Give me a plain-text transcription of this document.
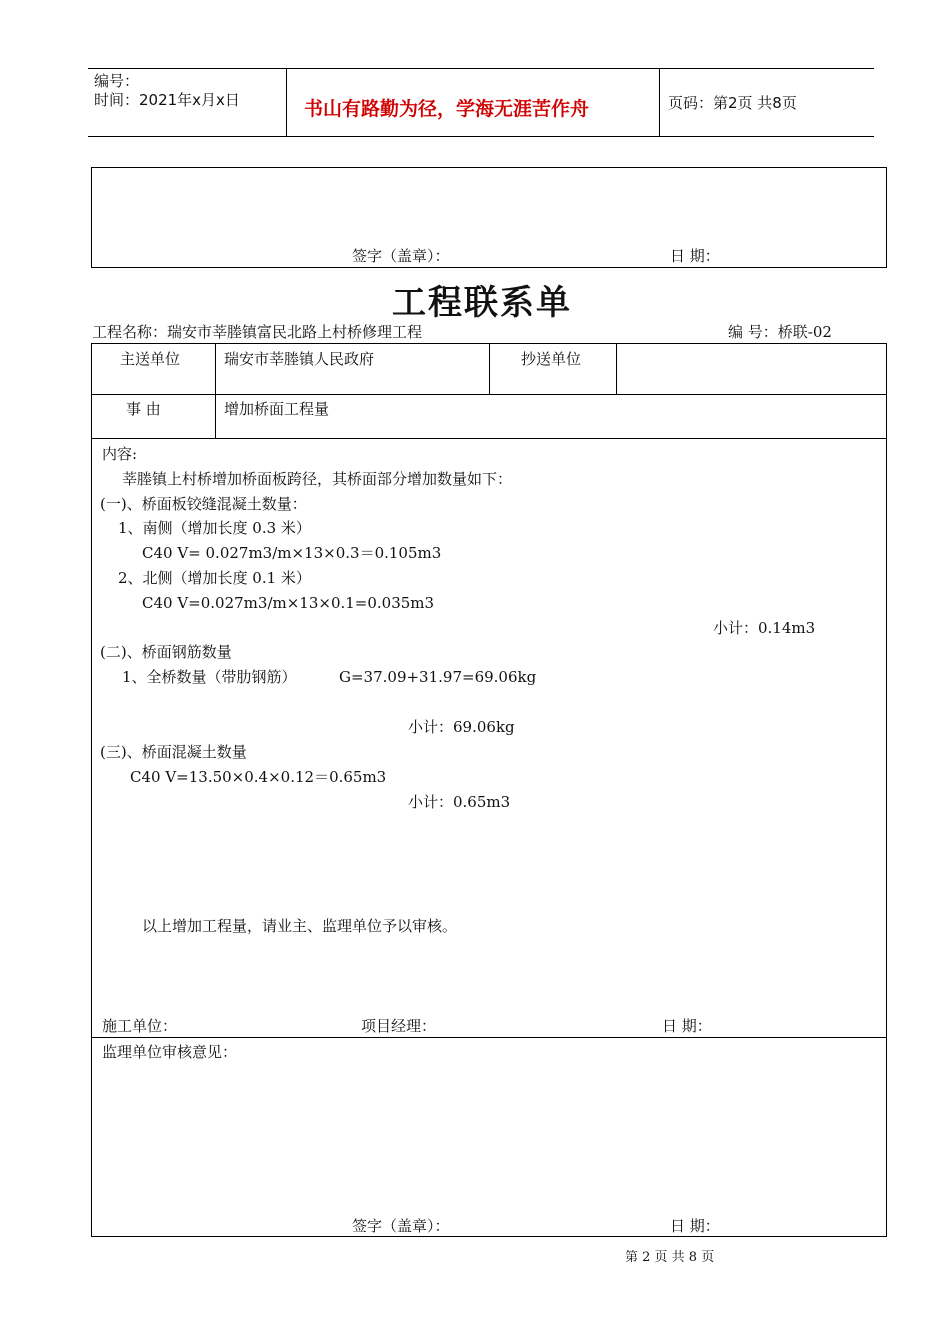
编号：
时间：2021年x月x日	书山有路勤为径，学海无涯苦作舟	页码：第2页 共8页
签字（盖章）：	日 期：
工程联系单
工程名称：瑞安市莘塍镇富民北路上村桥修理工程	编 号：桥联-02
主送单位	瑞安市莘塍镇人民政府	抄送单位
事 由	增加桥面工程量
内容:
莘塍镇上村桥增加桥面板跨径，其桥面部分增加数量如下：
(一)、桥面板铰缝混凝土数量：
1、南侧（增加长度 0.3 米）
C40 V= 0.027m3/m×13×0.3＝0.105m3
2、北侧（增加长度 0.1 米）
C40 V=0.027m3/m×13×0.1=0.035m3
小计：0.14m3
(二)、桥面钢筋数量
1、全桥数量（带肋钢筋）	G=37.09+31.97=69.06kg
小计：69.06kg
(三)、桥面混凝土数量
C40 V=13.50×0.4×0.12＝0.65m3
小计：0.65m3
以上增加工程量，请业主、监理单位予以审核。
施工单位：	项目经理：	日 期：
监理单位审核意见：
签字（盖章）：	日 期：
第 2 页 共 8 页
